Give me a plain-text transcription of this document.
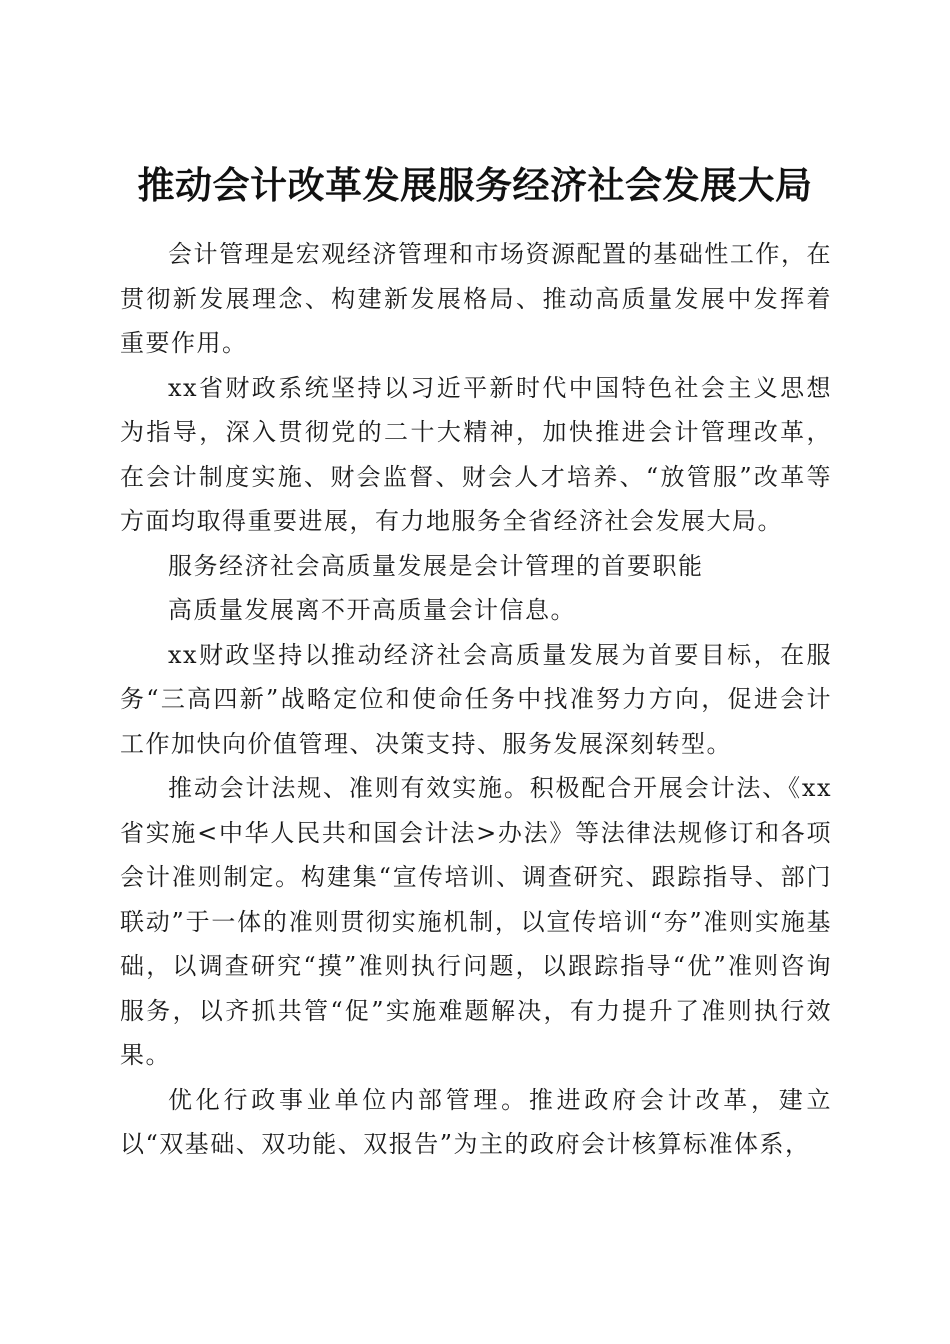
推动会计改革发展服务经济社会发展大局

会计管理是宏观经济管理和市场资源配置的基础性工作，在贯彻新发展理念、构建新发展格局、推动高质量发展中发挥着重要作用。

xx省财政系统坚持以习近平新时代中国特色社会主义思想为指导，深入贯彻党的二十大精神，加快推进会计管理改革，在会计制度实施、财会监督、财会人才培养、“放管服”改革等方面均取得重要进展，有力地服务全省经济社会发展大局。

服务经济社会高质量发展是会计管理的首要职能

高质量发展离不开高质量会计信息。

xx财政坚持以推动经济社会高质量发展为首要目标，在服务“三高四新”战略定位和使命任务中找准努力方向，促进会计工作加快向价值管理、决策支持、服务发展深刻转型。

推动会计法规、准则有效实施。积极配合开展会计法、《xx省实施<中华人民共和国会计法>办法》等法律法规修订和各项会计准则制定。构建集“宣传培训、调查研究、跟踪指导、部门联动”于一体的准则贯彻实施机制，以宣传培训“夯”准则实施基础，以调查研究“摸”准则执行问题，以跟踪指导“优”准则咨询服务，以齐抓共管“促”实施难题解决，有力提升了准则执行效果。

优化行政事业单位内部管理。推进政府会计改革，建立以“双基础、双功能、双报告”为主的政府会计核算标准体系，
